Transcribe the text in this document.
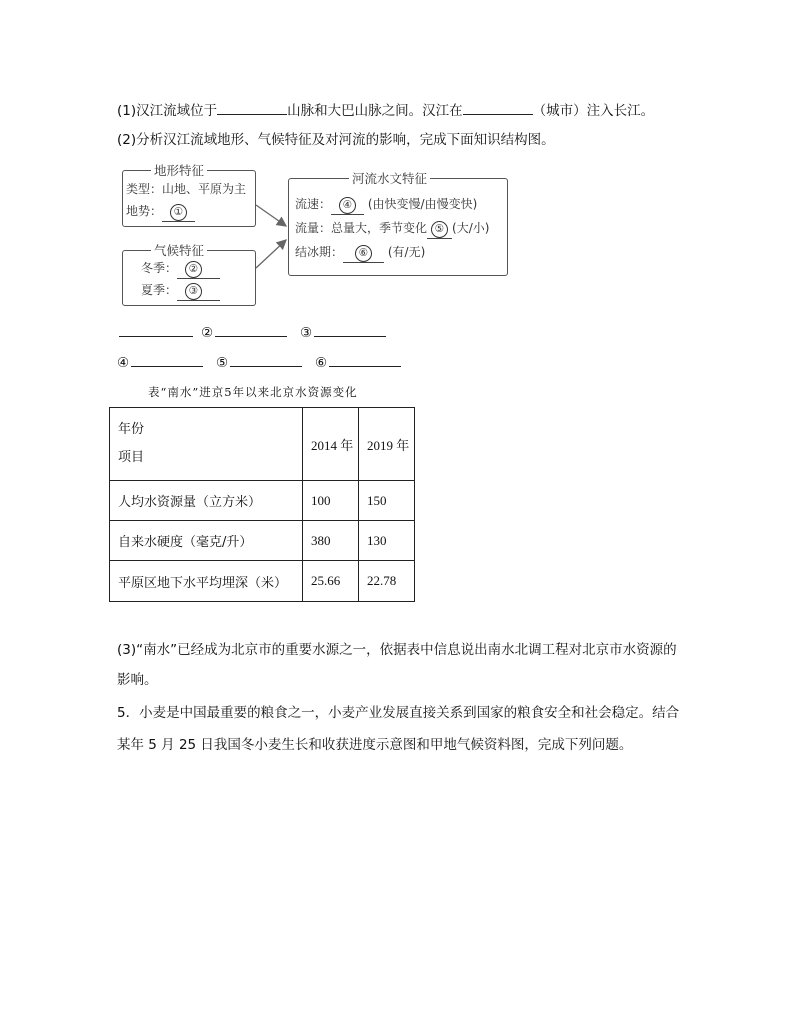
(1)汉江流域位于	山脉和大巴山脉之间。汉江在	（城市）注入长江。
(2)分析汉江流域地形、气候特征及对河流的影响，完成下面知识结构图。
地形特征
类型：山地、平原为主
地势： ①
气候特征
冬季： ②
夏季： ③
河流水文特征
流速： ④ (由快变慢/由慢变快)
流量：总量大，季节变化 ⑤ (大/小)
结冰期： ⑥ (有/无)
②	③
④	⑤	⑥
表“南水”进京5年以来北京水资源变化
年份
项目	2014 年	2019 年
人均水资源量（立方米）	100	150
自来水硬度（毫克/升）	380	130
平原区地下水平均埋深（米）	25.66	22.78
(3)“南水”已经成为北京市的重要水源之一，依据表中信息说出南水北调工程对北京市水资源的
影响。
5．小麦是中国最重要的粮食之一，小麦产业发展直接关系到国家的粮食安全和社会稳定。结合
某年 5 月 25 日我国冬小麦生长和收获进度示意图和甲地气候资料图，完成下列问题。
